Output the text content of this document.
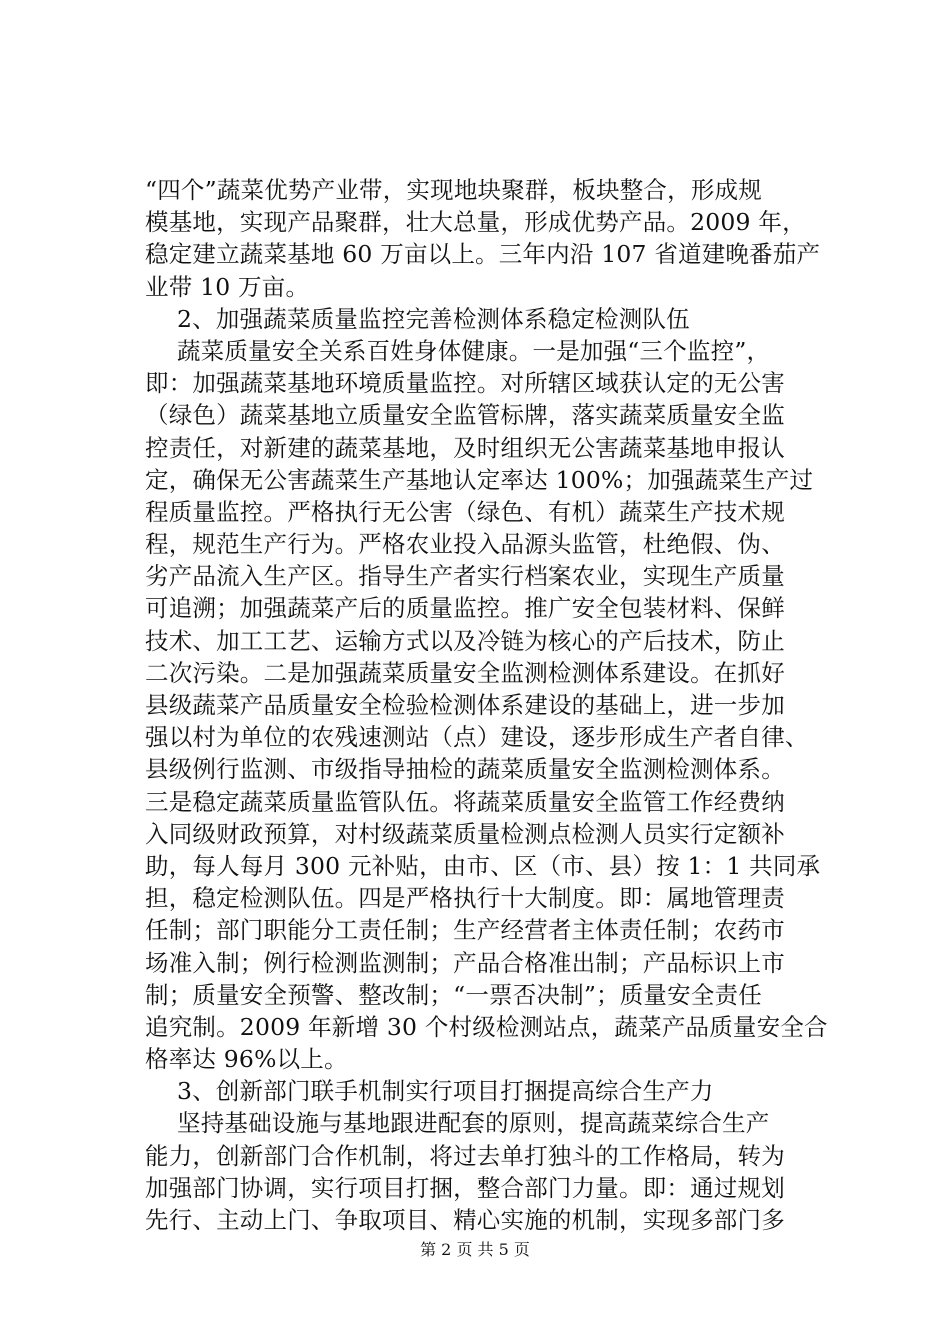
“四个”蔬菜优势产业带，实现地块聚群，板块整合，形成规
模基地，实现产品聚群，壮大总量，形成优势产品。2009 年，
稳定建立蔬菜基地 60 万亩以上。三年内沿 107 省道建晚番茄产
业带 10 万亩。
2、加强蔬菜质量监控完善检测体系稳定检测队伍
蔬菜质量安全关系百姓身体健康。一是加强“三个监控”，
即：加强蔬菜基地环境质量监控。对所辖区域获认定的无公害
（绿色）蔬菜基地立质量安全监管标牌，落实蔬菜质量安全监
控责任，对新建的蔬菜基地，及时组织无公害蔬菜基地申报认
定，确保无公害蔬菜生产基地认定率达 100%；加强蔬菜生产过
程质量监控。严格执行无公害（绿色、有机）蔬菜生产技术规
程，规范生产行为。严格农业投入品源头监管，杜绝假、伪、
劣产品流入生产区。指导生产者实行档案农业，实现生产质量
可追溯；加强蔬菜产后的质量监控。推广安全包装材料、保鲜
技术、加工工艺、运输方式以及冷链为核心的产后技术，防止
二次污染。二是加强蔬菜质量安全监测检测体系建设。在抓好
县级蔬菜产品质量安全检验检测体系建设的基础上，进一步加
强以村为单位的农残速测站（点）建设，逐步形成生产者自律、
县级例行监测、市级指导抽检的蔬菜质量安全监测检测体系。
三是稳定蔬菜质量监管队伍。将蔬菜质量安全监管工作经费纳
入同级财政预算，对村级蔬菜质量检测点检测人员实行定额补
助，每人每月 300 元补贴，由市、区（市、县）按 1：1 共同承
担，稳定检测队伍。四是严格执行十大制度。即：属地管理责
任制；部门职能分工责任制；生产经营者主体责任制；农药市
场准入制；例行检测监测制；产品合格准出制；产品标识上市
制；质量安全预警、整改制；“一票否决制”；质量安全责任
追究制。2009 年新增 30 个村级检测站点，蔬菜产品质量安全合
格率达 96%以上。
3、创新部门联手机制实行项目打捆提高综合生产力
坚持基础设施与基地跟进配套的原则，提高蔬菜综合生产
能力，创新部门合作机制，将过去单打独斗的工作格局，转为
加强部门协调，实行项目打捆，整合部门力量。即：通过规划
先行、主动上门、争取项目、精心实施的机制，实现多部门多
第 2 页 共 5 页
